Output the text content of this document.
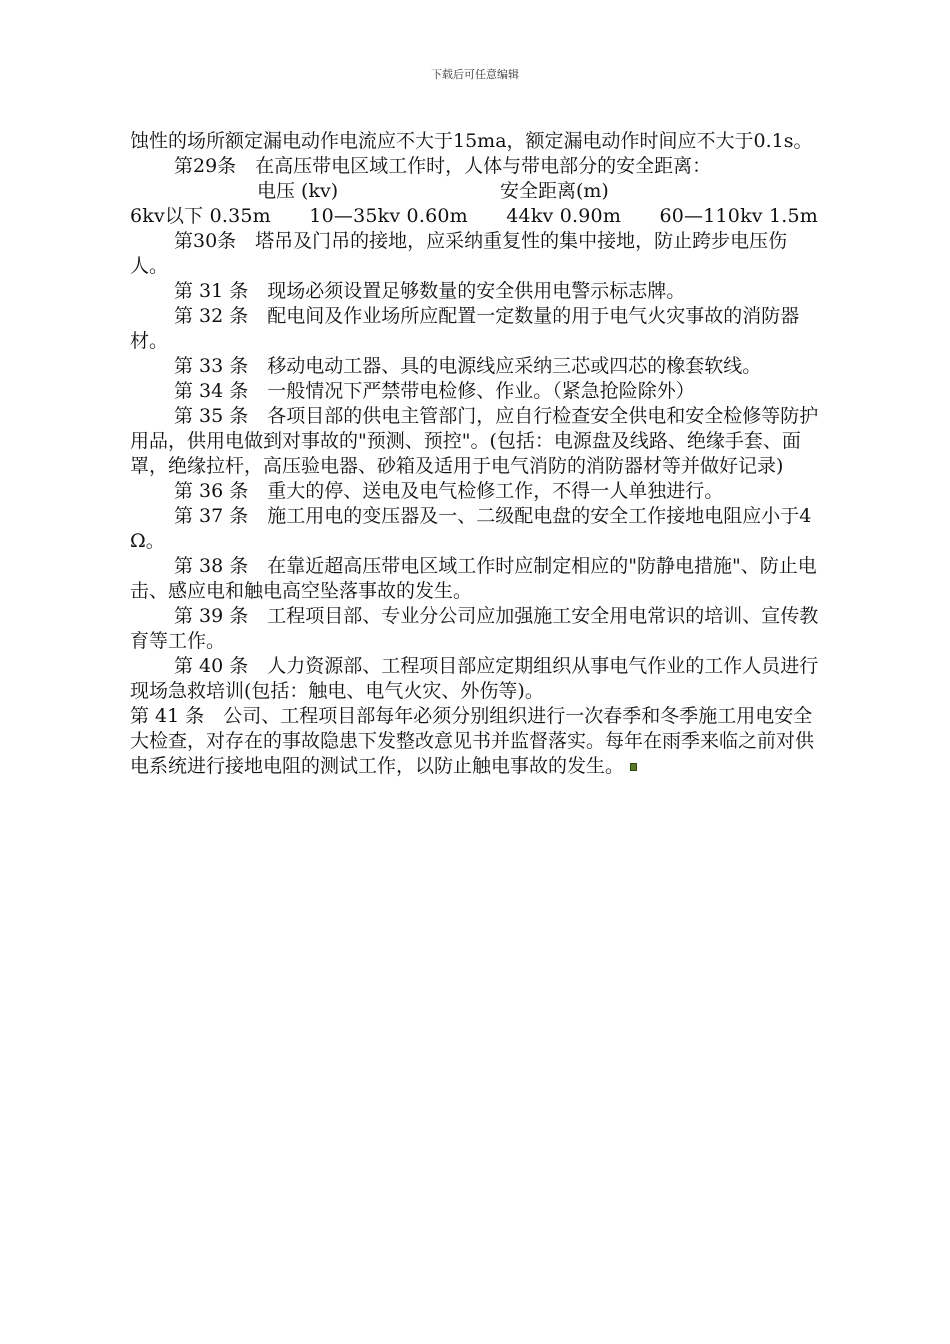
下载后可任意编辑

蚀性的场所额定漏电动作电流应不大于15ma，额定漏电动作时间应不大于0.1s。

第29条　在高压带电区域工作时，人体与带电部分的安全距离：

电压 (kv)	安全距离(m)
6kv以下 0.35m　　10—35kv 0.60m　　44kv 0.90m　　60—110kv 1.5m

第30条　塔吊及门吊的接地，应采纳重复性的集中接地，防止跨步电压伤人。

第 31 条　现场必须设置足够数量的安全供用电警示标志牌。

第 32 条　配电间及作业场所应配置一定数量的用于电气火灾事故的消防器材。

第 33 条　移动电动工器、具的电源线应采纳三芯或四芯的橡套软线。

第 34 条　一般情况下严禁带电检修、作业。（紧急抢险除外）

第 35 条　各项目部的供电主管部门，应自行检查安全供电和安全检修等防护用品，供用电做到对事故的"预测、预控"。(包括：电源盘及线路、绝缘手套、面罩，绝缘拉杆，高压验电器、砂箱及适用于电气消防的消防器材等并做好记录)

第 36 条　重大的停、送电及电气检修工作，不得一人单独进行。

第 37 条　施工用电的变压器及一、二级配电盘的安全工作接地电阻应小于4Ω。

第 38 条　在靠近超高压带电区域工作时应制定相应的"防静电措施"、防止电击、感应电和触电高空坠落事故的发生。

第 39 条　工程项目部、专业分公司应加强施工安全用电常识的培训、宣传教育等工作。

第 40 条　人力资源部、工程项目部应定期组织从事电气作业的工作人员进行现场急救培训(包括：触电、电气火灾、外伤等)。

第 41 条　公司、工程项目部每年必须分别组织进行一次春季和冬季施工用电安全大检查，对存在的事故隐患下发整改意见书并监督落实。每年在雨季来临之前对供电系统进行接地电阻的测试工作，以防止触电事故的发生。
